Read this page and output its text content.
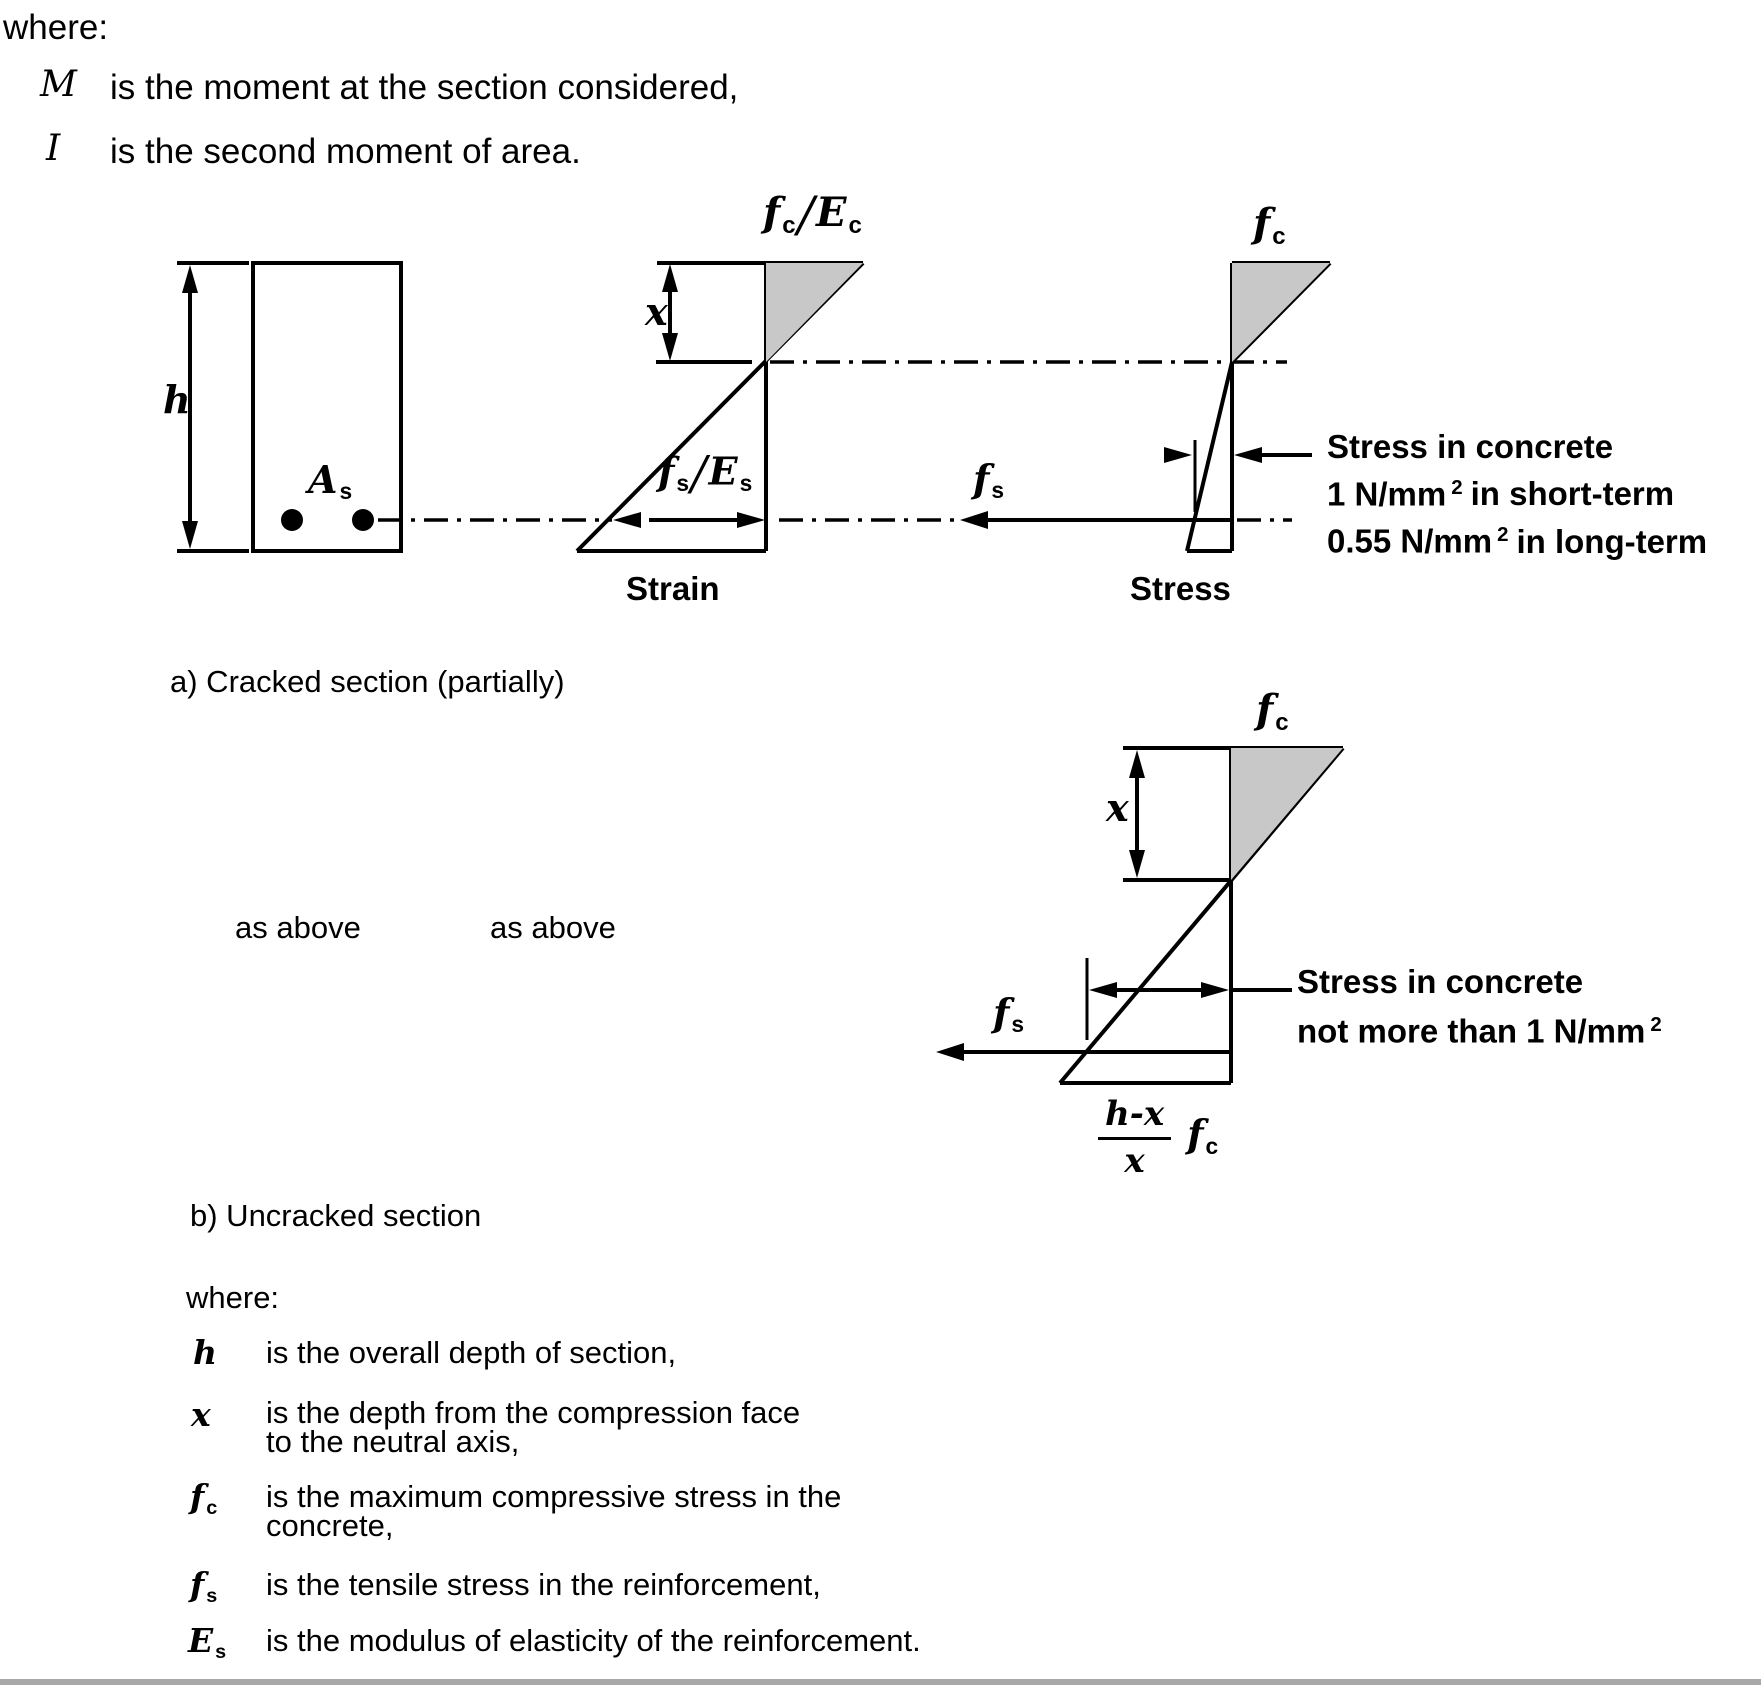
where:
M is the moment at the section considered,
I is the second moment of area.
h
As
fc/Ec
x
fs/Es
Strain
fs
fc
Stress
Stress in concrete
1 N/mm $^2$ in short-term
0.55 N/mm $^2$ in long-term
a) Cracked section (partially)
as above	as above
fc
x
fs
Stress in concrete
not more than 1 N/mm $^2$
$\frac{h-x}{x}$ fc
b) Uncracked section
where:
h is the overall depth of section,
x is the depth from the compression face
to the neutral axis,
fc is the maximum compressive stress in the
concrete,
fs is the tensile stress in the reinforcement,
Es is the modulus of elasticity of the reinforcement.
